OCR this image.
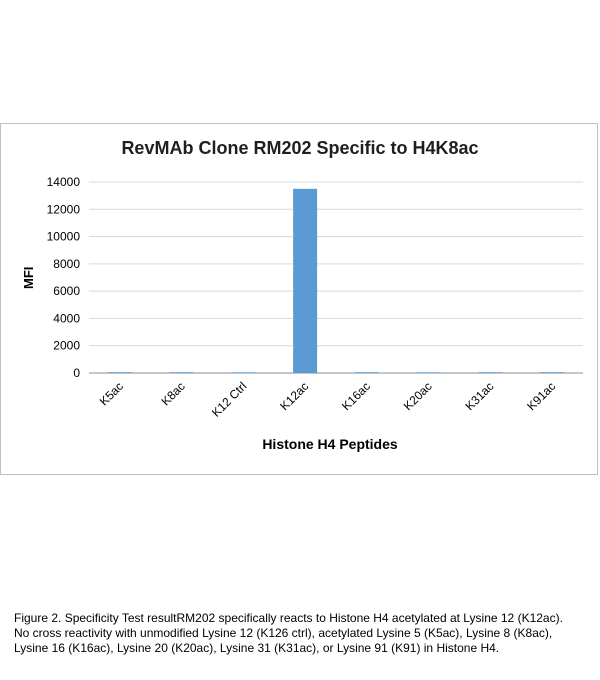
RevMAb Clone RM202 Specific to H4K8ac
MFI
0
2000
4000
6000
8000
10000
12000
14000
K5ac	K8ac K12 Ctrl K12ac K16ac K20ac K31ac K91ac
Histone H4 Peptides
Figure 2. Specificity Test resultRM202 specifically reacts to Histone H4 acetylated at Lysine 12 (K12ac). No cross reactivity with unmodified Lysine 12 (K126 ctrl), acetylated Lysine 5 (K5ac), Lysine 8 (K8ac), Lysine 16 (K16ac), Lysine 20 (K20ac), Lysine 31 (K31ac), or Lysine 91 (K91) in Histone H4.
